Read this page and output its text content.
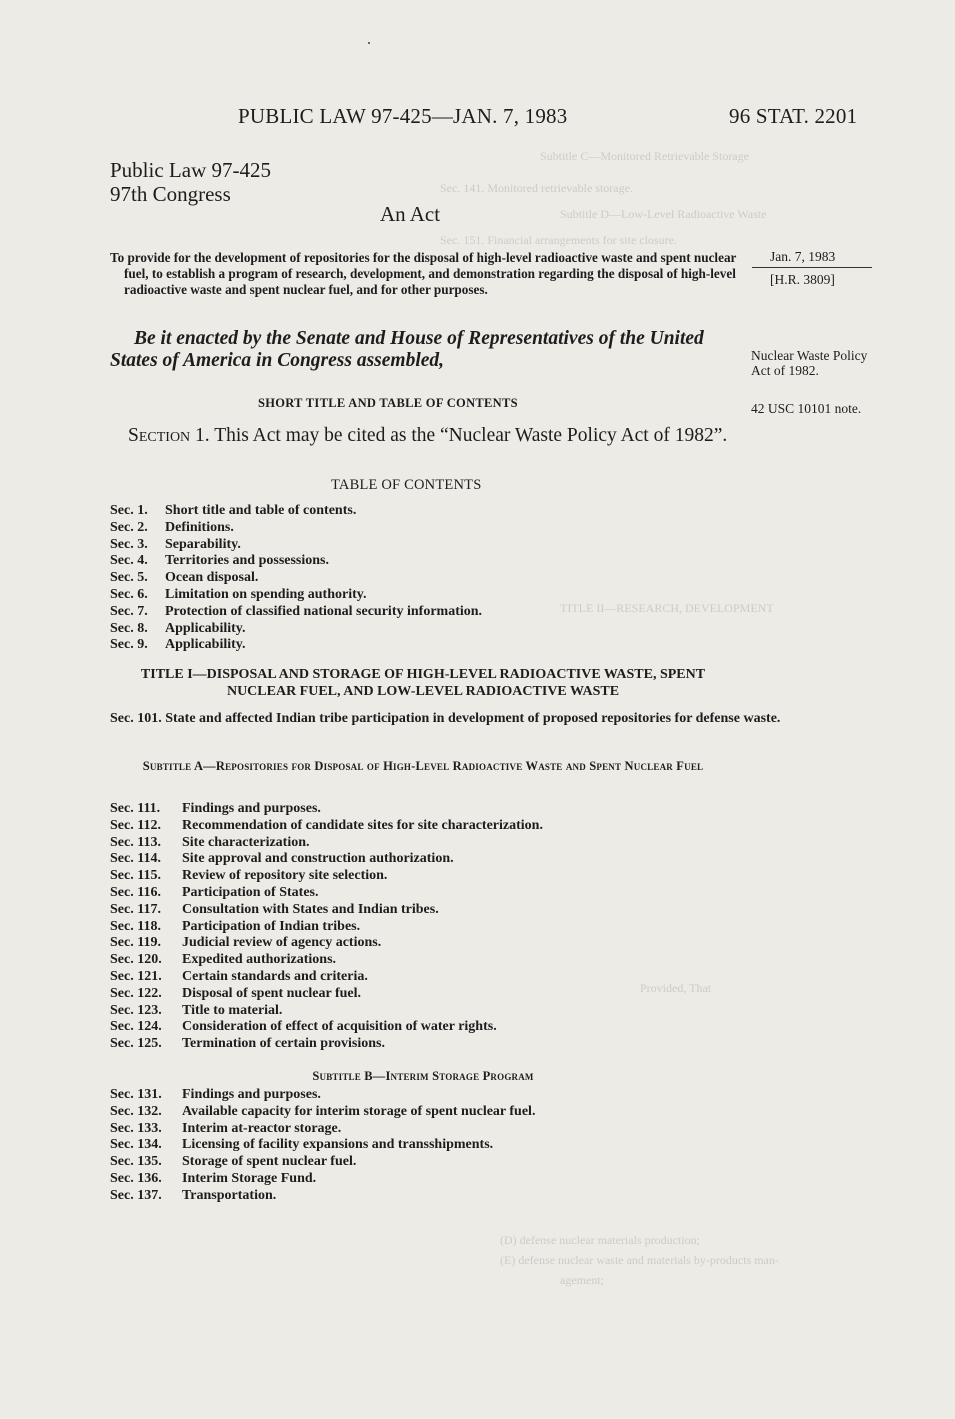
Subtitle C—Monitored Retrievable Storage
Sec. 141. Monitored retrievable storage.
Subtitle D—Low-Level Radioactive Waste
Sec. 151. Financial arrangements for site closure.
TITLE II—RESEARCH, DEVELOPMENT
Provided, That
(D) defense nuclear materials production;
(E) defense nuclear waste and materials by-products man-
agement;
PUBLIC LAW 97-425—JAN. 7, 1983	96 STAT. 2201
Public Law 97-425
97th Congress
An Act
To provide for the development of repositories for the disposal of high-level radioactive waste and spent nuclear fuel, to establish a program of research, development, and demonstration regarding the disposal of high-level radioactive waste and spent nuclear fuel, and for other purposes.
Jan. 7, 1983
[H.R. 3809]
Nuclear Waste Policy Act of 1982.
42 USC 10101 note.
Be it enacted by the Senate and House of Representatives of the United States of America in Congress assembled,
SHORT TITLE AND TABLE OF CONTENTS
Section 1. This Act may be cited as the “Nuclear Waste Policy Act of 1982”.
TABLE OF CONTENTS
Sec. 1. Short title and table of contents.
Sec. 2. Definitions.
Sec. 3. Separability.
Sec. 4. Territories and possessions.
Sec. 5. Ocean disposal.
Sec. 6. Limitation on spending authority.
Sec. 7. Protection of classified national security information.
Sec. 8. Applicability.
Sec. 9. Applicability.
TITLE I—DISPOSAL AND STORAGE OF HIGH-LEVEL RADIOACTIVE WASTE, SPENT NUCLEAR FUEL, AND LOW-LEVEL RADIOACTIVE WASTE
Sec. 101. State and affected Indian tribe participation in development of proposed repositories for defense waste.
Subtitle A—Repositories for Disposal of High-Level Radioactive Waste and Spent Nuclear Fuel
Sec. 111. Findings and purposes.
Sec. 112. Recommendation of candidate sites for site characterization.
Sec. 113. Site characterization.
Sec. 114. Site approval and construction authorization.
Sec. 115. Review of repository site selection.
Sec. 116. Participation of States.
Sec. 117. Consultation with States and Indian tribes.
Sec. 118. Participation of Indian tribes.
Sec. 119. Judicial review of agency actions.
Sec. 120. Expedited authorizations.
Sec. 121. Certain standards and criteria.
Sec. 122. Disposal of spent nuclear fuel.
Sec. 123. Title to material.
Sec. 124. Consideration of effect of acquisition of water rights.
Sec. 125. Termination of certain provisions.
Subtitle B—Interim Storage Program
Sec. 131. Findings and purposes.
Sec. 132. Available capacity for interim storage of spent nuclear fuel.
Sec. 133. Interim at-reactor storage.
Sec. 134. Licensing of facility expansions and transshipments.
Sec. 135. Storage of spent nuclear fuel.
Sec. 136. Interim Storage Fund.
Sec. 137. Transportation.
